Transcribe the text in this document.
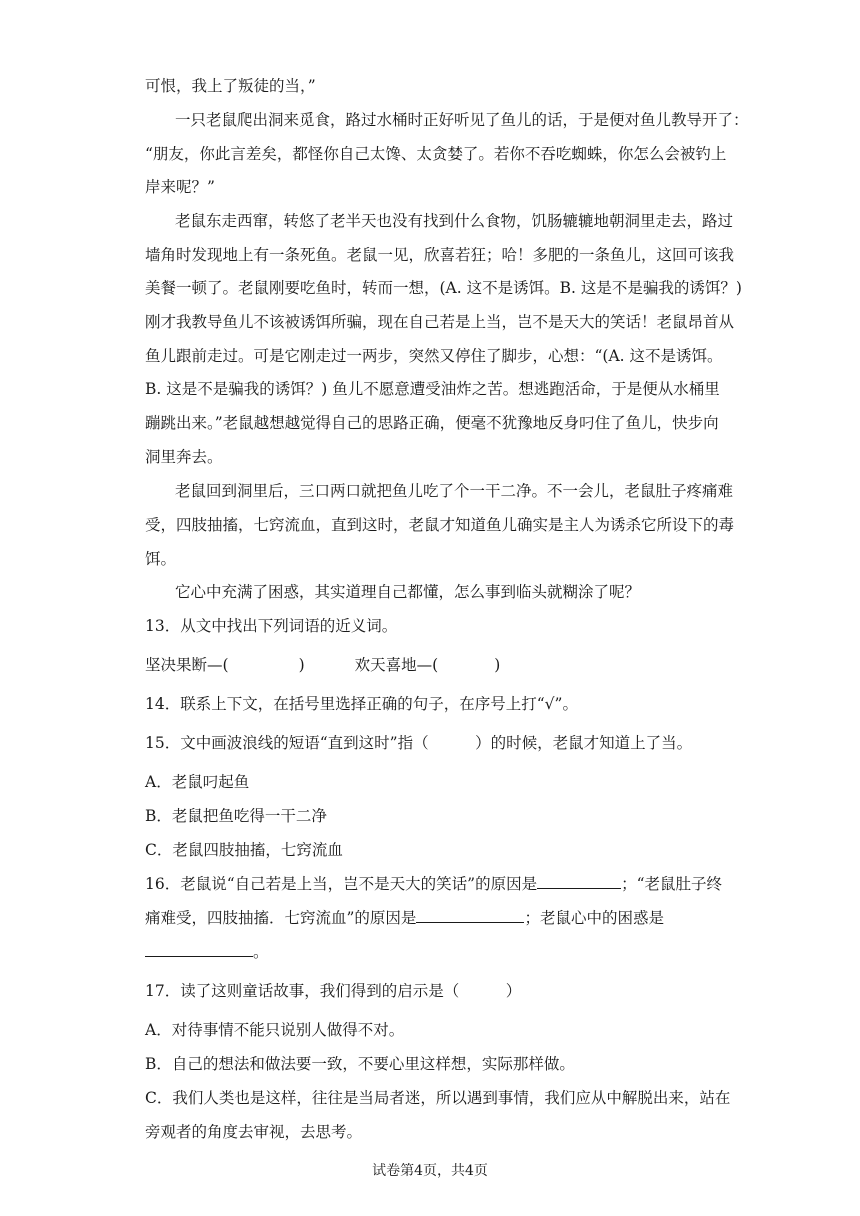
可恨，我上了叛徒的当，”
一只老鼠爬出洞来觅食，路过水桶时正好听见了鱼儿的话，于是便对鱼儿教导开了：
“朋友，你此言差矣，都怪你自己太馋、太贪婪了。若你不吞吃蜘蛛，你怎么会被钓上
岸来呢？”
老鼠东走西窜，转悠了老半天也没有找到什么食物，饥肠辘辘地朝洞里走去，路过
墙角时发现地上有一条死鱼。老鼠一见，欣喜若狂；哈！多肥的一条鱼儿，这回可该我
美餐一顿了。老鼠刚要吃鱼时，转而一想，(A. 这不是诱饵。B. 这是不是骗我的诱饵？)
刚才我教导鱼儿不该被诱饵所骗，现在自己若是上当，岂不是天大的笑话！老鼠昂首从
鱼儿跟前走过。可是它刚走过一两步，突然又停住了脚步，心想：“(A. 这不是诱饵。
B. 这是不是骗我的诱饵？) 鱼儿不愿意遭受油炸之苦。想逃跑活命，于是便从水桶里
蹦跳出来。”老鼠越想越觉得自己的思路正确，便毫不犹豫地反身叼住了鱼儿，快步向
洞里奔去。
老鼠回到洞里后，三口两口就把鱼儿吃了个一干二净。不一会儿，老鼠肚子疼痛难
受，四肢抽搐，七窍流血，直到这时，老鼠才知道鱼儿确实是主人为诱杀它所设下的毒
饵。
它心中充满了困惑，其实道理自己都懂，怎么事到临头就糊涂了呢？
13．从文中找出下列词语的近义词。
坚决果断—(	)	欢天喜地—(	)
14．联系上下文，在括号里选择正确的句子，在序号上打“√”。
15．文中画波浪线的短语“直到这时”指（　　　）的时候，老鼠才知道上了当。
A．老鼠叼起鱼
B．老鼠把鱼吃得一干二净
C．老鼠四肢抽搐，七窍流血
16．老鼠说“自己若是上当，岂不是天大的笑话”的原因是	；“老鼠肚子终
痛难受，四肢抽搐．七窍流血”的原因是	；老鼠心中的困惑是
。
17．读了这则童话故事，我们得到的启示是（　　　）
A．对待事情不能只说别人做得不对。
B．自己的想法和做法要一致，不要心里这样想，实际那样做。
C．我们人类也是这样，往往是当局者迷，所以遇到事情，我们应从中解脱出来，站在
旁观者的角度去审视，去思考。
试卷第4页，共4页
